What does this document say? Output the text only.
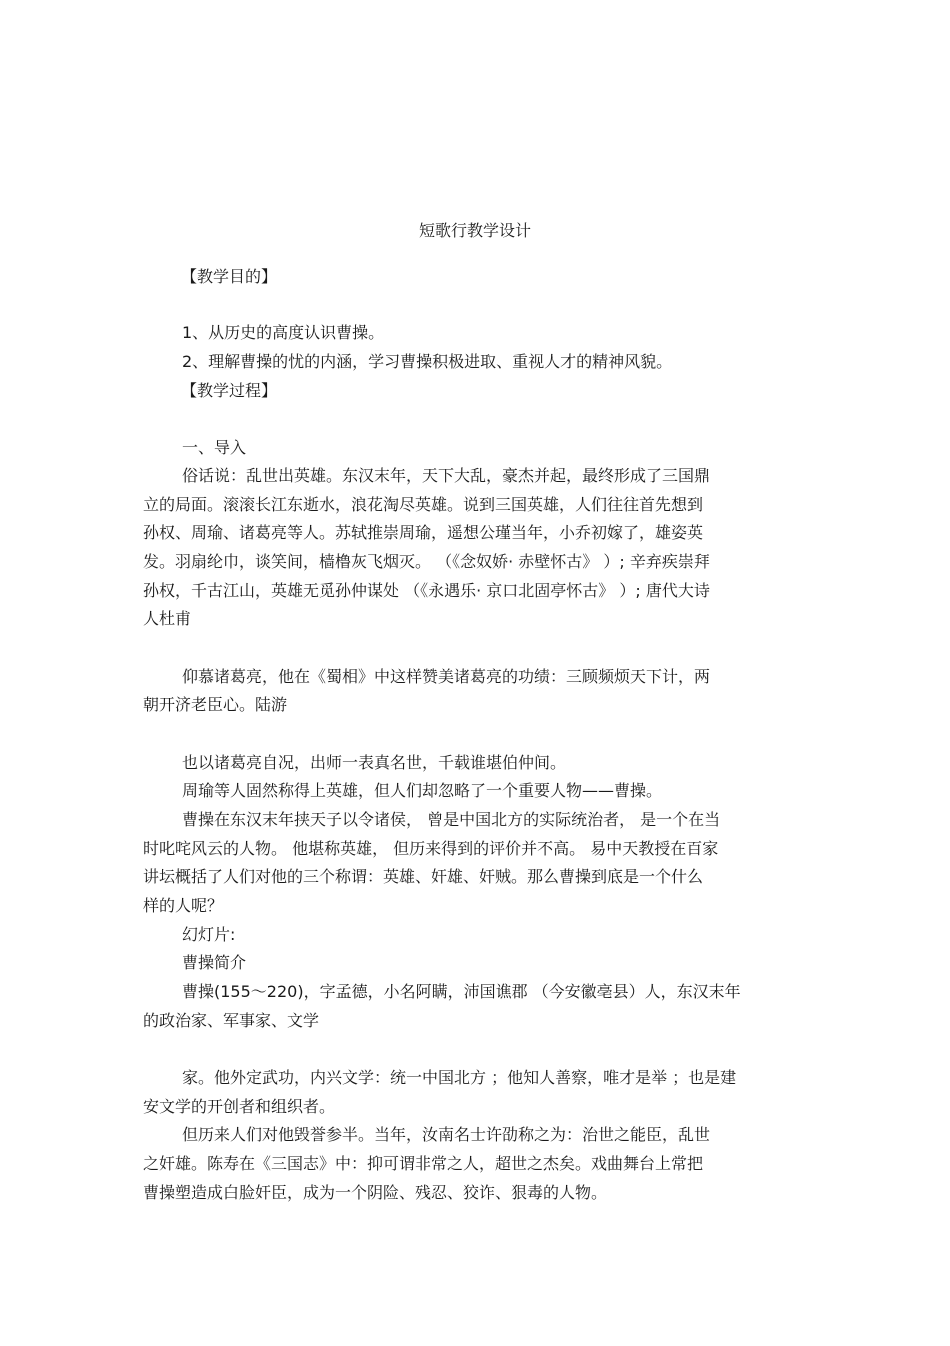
短歌行教学设计
【教学目的】
1、从历史的高度认识曹操。
2、理解曹操的忧的内涵，学习曹操积极进取、重视人才的精神风貌。
【教学过程】
一、导入
俗话说：乱世出英雄。东汉末年，天下大乱，豪杰并起，最终形成了三国鼎
立的局面。滚滚长江东逝水，浪花淘尽英雄。说到三国英雄，人们往往首先想到
孙权、周瑜、诸葛亮等人。苏轼推崇周瑜，遥想公瑾当年，小乔初嫁了，雄姿英
发。羽扇纶巾，谈笑间，樯橹灰飞烟灭。 （《念奴娇· 赤壁怀古》 ）; 辛弃疾崇拜
孙权，千古江山，英雄无觅孙仲谋处 （《永遇乐· 京口北固亭怀古》 ）; 唐代大诗
人杜甫
仰慕诸葛亮，他在《蜀相》中这样赞美诸葛亮的功绩：三顾频烦天下计，两
朝开济老臣心。陆游
也以诸葛亮自况，出师一表真名世，千载谁堪伯仲间。
周瑜等人固然称得上英雄，但人们却忽略了一个重要人物——曹操。
曹操在东汉末年挟天子以令诸侯， 曾是中国北方的实际统治者， 是一个在当
时叱咤风云的人物。 他堪称英雄， 但历来得到的评价并不高。 易中天教授在百家
讲坛概括了人们对他的三个称谓：英雄、奸雄、奸贼。那么曹操到底是一个什么
样的人呢？
幻灯片:
曹操简介
曹操(155～220)，字孟德，小名阿瞒，沛国谯郡 （今安徽亳县）人，东汉末年
的政治家、军事家、文学
家。他外定武功，内兴文学：统一中国北方 ；他知人善察，唯才是举 ；也是建
安文学的开创者和组织者。
但历来人们对他毁誉参半。当年，汝南名士许劭称之为：治世之能臣，乱世
之奸雄。陈寿在《三国志》中：抑可谓非常之人，超世之杰矣。戏曲舞台上常把
曹操塑造成白脸奸臣，成为一个阴险、残忍、狡诈、狠毒的人物。
